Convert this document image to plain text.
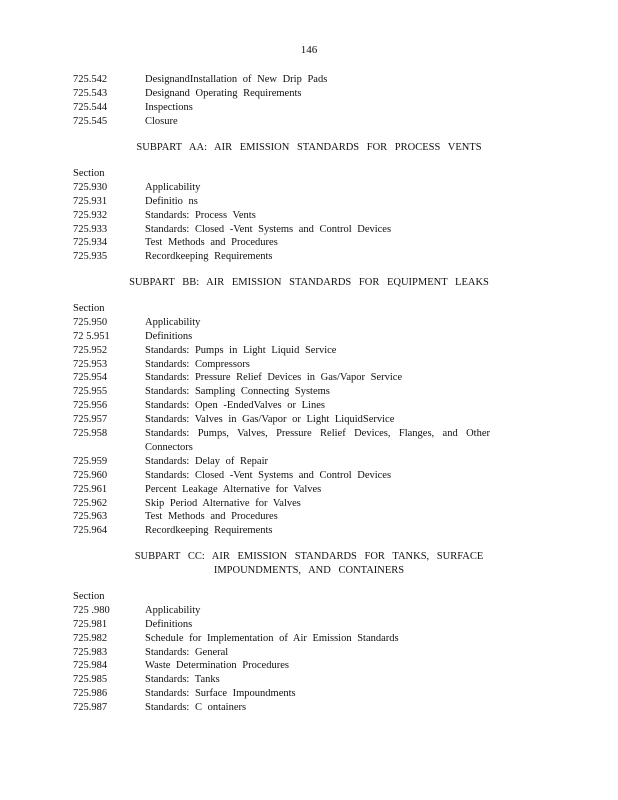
146
725.542	DesignandInstallation of New Drip Pads
725.543	Designand Operating Requirements
725.544	Inspections
725.545	Closure
SUBPART AA: AIR EMISSION STANDARDS FOR PROCESS VENTS
Section
725.930	Applicability
725.931	Definitio ns
725.932	Standards: Process Vents
725.933	Standards: Closed -Vent Systems and Control Devices
725.934	Test Methods and Procedures
725.935	Recordkeeping Requirements
SUBPART BB: AIR EMISSION STANDARDS FOR EQUIPMENT LEAKS
Section
725.950	Applicability
72 5.951	Definitions
725.952	Standards: Pumps in Light Liquid Service
725.953	Standards: Compressors
725.954	Standards: Pressure Relief Devices in Gas/Vapor Service
725.955	Standards: Sampling Connecting Systems
725.956	Standards: Open -EndedValves or Lines
725.957	Standards: Valves in Gas/Vapor or Light LiquidService
725.958	Standards: Pumps, Valves, Pressure Relief Devices, Flanges, and Other Connectors
725.959	Standards: Delay of Repair
725.960	Standards: Closed -Vent Systems and Control Devices
725.961	Percent Leakage Alternative for Valves
725.962	Skip Period Alternative for Valves
725.963	Test Methods and Procedures
725.964	Recordkeeping Requirements
SUBPART CC: AIR EMISSION STANDARDS FOR TANKS, SURFACE
IMPOUNDMENTS, AND CONTAINERS
Section
725 .980	Applicability
725.981	Definitions
725.982	Schedule for Implementation of Air Emission Standards
725.983	Standards: General
725.984	Waste Determination Procedures
725.985	Standards: Tanks
725.986	Standards: Surface Impoundments
725.987	Standards: C ontainers
